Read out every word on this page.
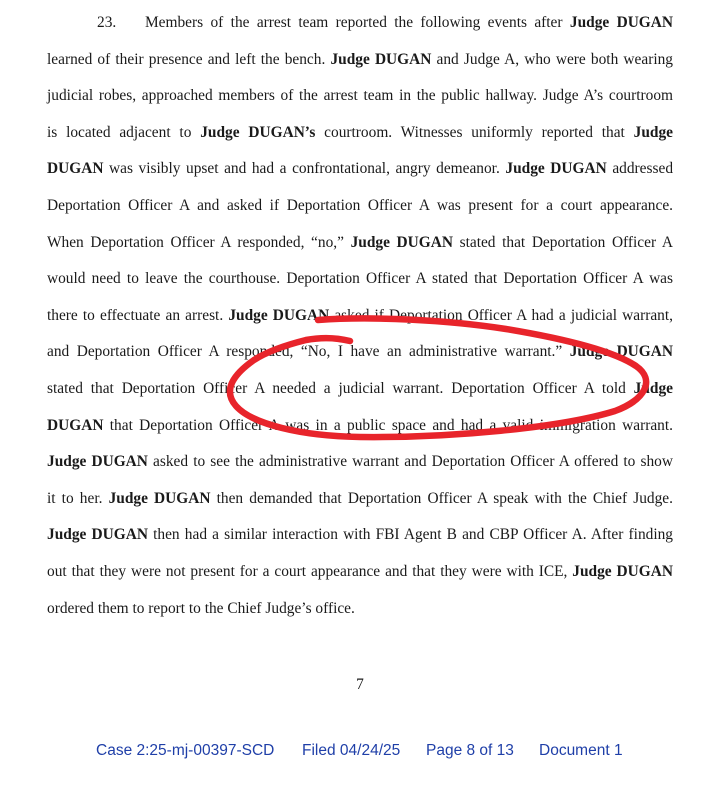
23. Members of the arrest team reported the following events after Judge DUGAN
learned of their presence and left the bench. Judge DUGAN and Judge A, who were both wearing
judicial robes, approached members of the arrest team in the public hallway. Judge A’s courtroom
is located adjacent to Judge DUGAN’s courtroom. Witnesses uniformly reported that Judge
DUGAN was visibly upset and had a confrontational, angry demeanor. Judge DUGAN addressed
Deportation Officer A and asked if Deportation Officer A was present for a court appearance.
When Deportation Officer A responded, “no,” Judge DUGAN stated that Deportation Officer A
would need to leave the courthouse. Deportation Officer A stated that Deportation Officer A was
there to effectuate an arrest. Judge DUGAN asked if Deportation Officer A had a judicial warrant,
and Deportation Officer A responded, “No, I have an administrative warrant.” Judge DUGAN
stated that Deportation Officer A needed a judicial warrant. Deportation Officer A told Judge
DUGAN that Deportation Officer A was in a public space and had a valid immigration warrant.
Judge DUGAN asked to see the administrative warrant and Deportation Officer A offered to show
it to her. Judge DUGAN then demanded that Deportation Officer A speak with the Chief Judge.
Judge DUGAN then had a similar interaction with FBI Agent B and CBP Officer A. After finding
out that they were not present for a court appearance and that they were with ICE, Judge DUGAN
ordered them to report to the Chief Judge’s office.
7
Case 2:25-mj-00397-SCD Filed 04/24/25 Page 8 of 13 Document 1
